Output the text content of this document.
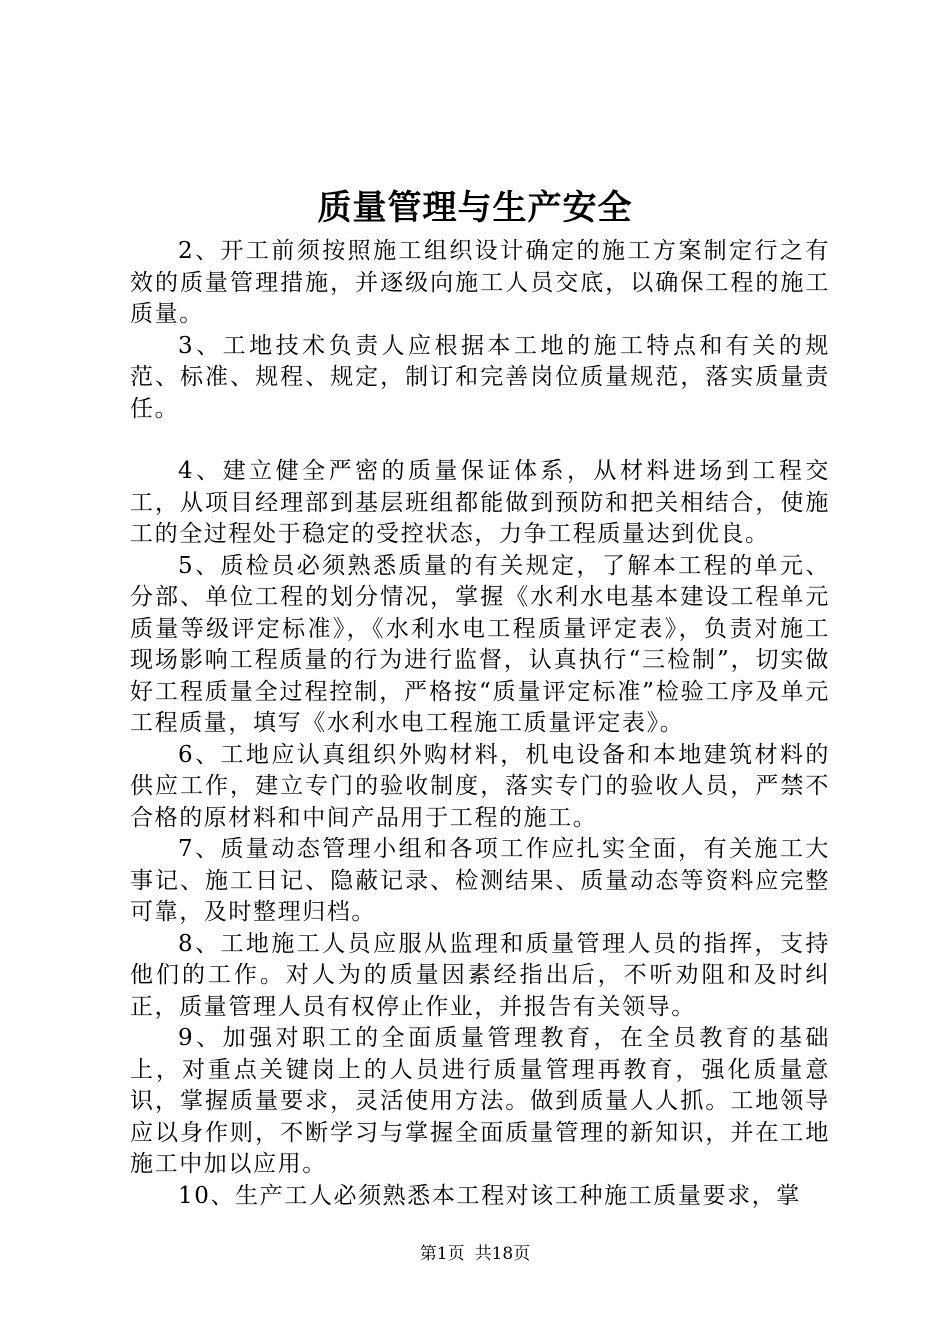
质量管理与生产安全

2、开工前须按照施工组织设计确定的施工方案制定行之有效的质量管理措施，并逐级向施工人员交底，以确保工程的施工质量。

3、工地技术负责人应根据本工地的施工特点和有关的规范、标准、规程、规定，制订和完善岗位质量规范，落实质量责任。

4、建立健全严密的质量保证体系，从材料进场到工程交工，从项目经理部到基层班组都能做到预防和把关相结合，使施工的全过程处于稳定的受控状态，力争工程质量达到优良。

5、质检员必须熟悉质量的有关规定，了解本工程的单元、分部、单位工程的划分情况，掌握《水利水电基本建设工程单元质量等级评定标准》，《水利水电工程质量评定表》，负责对施工现场影响工程质量的行为进行监督，认真执行“三检制”，切实做好工程质量全过程控制，严格按“质量评定标准”检验工序及单元工程质量，填写《水利水电工程施工质量评定表》。

6、工地应认真组织外购材料，机电设备和本地建筑材料的供应工作，建立专门的验收制度，落实专门的验收人员，严禁不合格的原材料和中间产品用于工程的施工。

7、质量动态管理小组和各项工作应扎实全面，有关施工大事记、施工日记、隐蔽记录、检测结果、质量动态等资料应完整可靠，及时整理归档。

8、工地施工人员应服从监理和质量管理人员的指挥，支持他们的工作。对人为的质量因素经指出后，不听劝阻和及时纠正，质量管理人员有权停止作业，并报告有关领导。

9、加强对职工的全面质量管理教育，在全员教育的基础上，对重点关键岗上的人员进行质量管理再教育，强化质量意识，掌握质量要求，灵活使用方法。做到质量人人抓。工地领导应以身作则，不断学习与掌握全面质量管理的新知识，并在工地施工中加以应用。

10、生产工人必须熟悉本工程对该工种施工质量要求，掌

第1页 共18页
